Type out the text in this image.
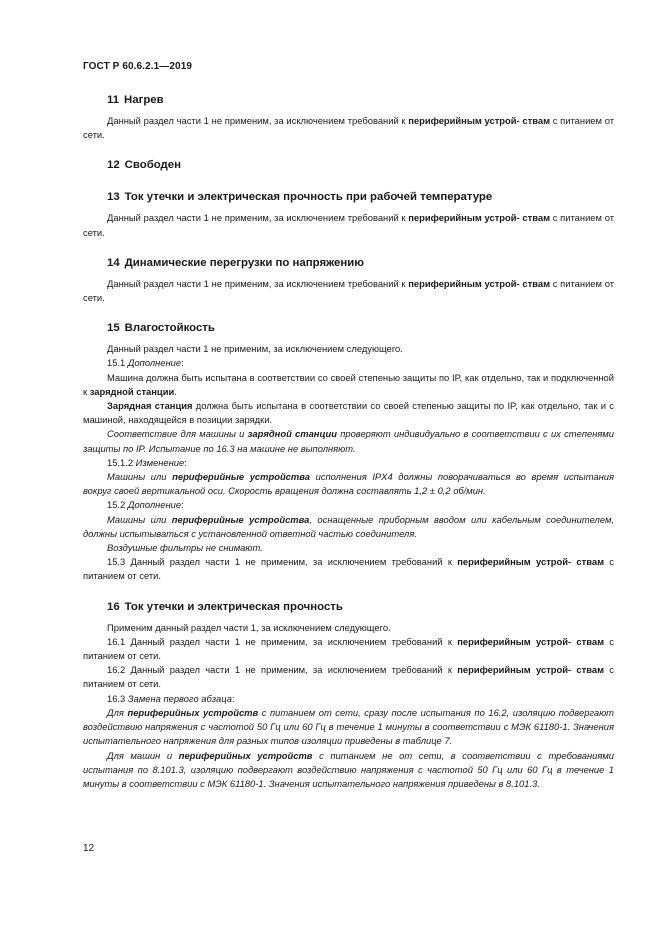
ГОСТ Р 60.6.2.1—2019
11 Нагрев

Данный раздел части 1 не применим, за исключением требований к периферийным устрой- ствам с питанием от сети.

12 Свободен
13 Ток утечки и электрическая прочность при рабочей температуре

Данный раздел части 1 не применим, за исключением требований к периферийным устрой- ствам с питанием от сети.

14 Динамические перегрузки по напряжению

Данный раздел части 1 не применим, за исключением требований к периферийным устрой- ствам с питанием от сети.

15 Влагостойкость

Данный раздел части 1 не применим, за исключением следующего.

15.1 Дополнение:

Машина должна быть испытана в соответствии со своей степенью защиты по IP, как отдельно, так и подключенной к зарядной станции.

Зарядная станция должна быть испытана в соответствии со своей степенью защиты по IP, как отдельно, так и с машиной, находящейся в позиции зарядки.

Соответствие для машины и зарядной станции проверяют индивидуально в соответствии с их степенями защиты по IP. Испытание по 16.3 на машине не выполняют.

15.1.2 Изменение:

Машины или периферийные устройства исполнения IPX4 должны поворачиваться во время испытания вокруг своей вертикальной оси. Скорость вращения должна составлять 1,2 ± 0,2 об/мин.

15.2 Дополнение:

Машины или периферийные устройства, оснащенные приборным вводом или кабельным соединителем, должны испытываться с установленной ответной частью соединителя.

Воздушные фильтры не снимают.

15.3 Данный раздел части 1 не применим, за исключением требований к периферийным устрой- ствам с питанием от сети.

16 Ток утечки и электрическая прочность

Применим данный раздел части 1, за исключением следующего.

16.1 Данный раздел части 1 не применим, за исключением требований к периферийным устрой- ствам с питанием от сети.

16.2 Данный раздел части 1 не применим, за исключением требований к периферийным устрой- ствам с питанием от сети.

16.3 Замена первого абзаца:

Для периферийных устройств с питанием от сети, сразу после испытания по 16.2, изоляцию подвергают воздействию напряжения с частотой 50 Гц или 60 Гц в течение 1 минуты в соответствии с МЭК 61180-1. Значения испытательного напряжения для разных типов изоляции приведены в таблице 7.

Для машин и периферийных устройств с питанием не от сети, в соответствии с требованиями испытания по 8.101.3, изоляцию подвергают воздействию напряжения с частотой 50 Гц или 60 Гц в течение 1 минуты в соответствии с МЭК 61180-1. Значения испытательного напряжения приведены в 8.101.3.

12
